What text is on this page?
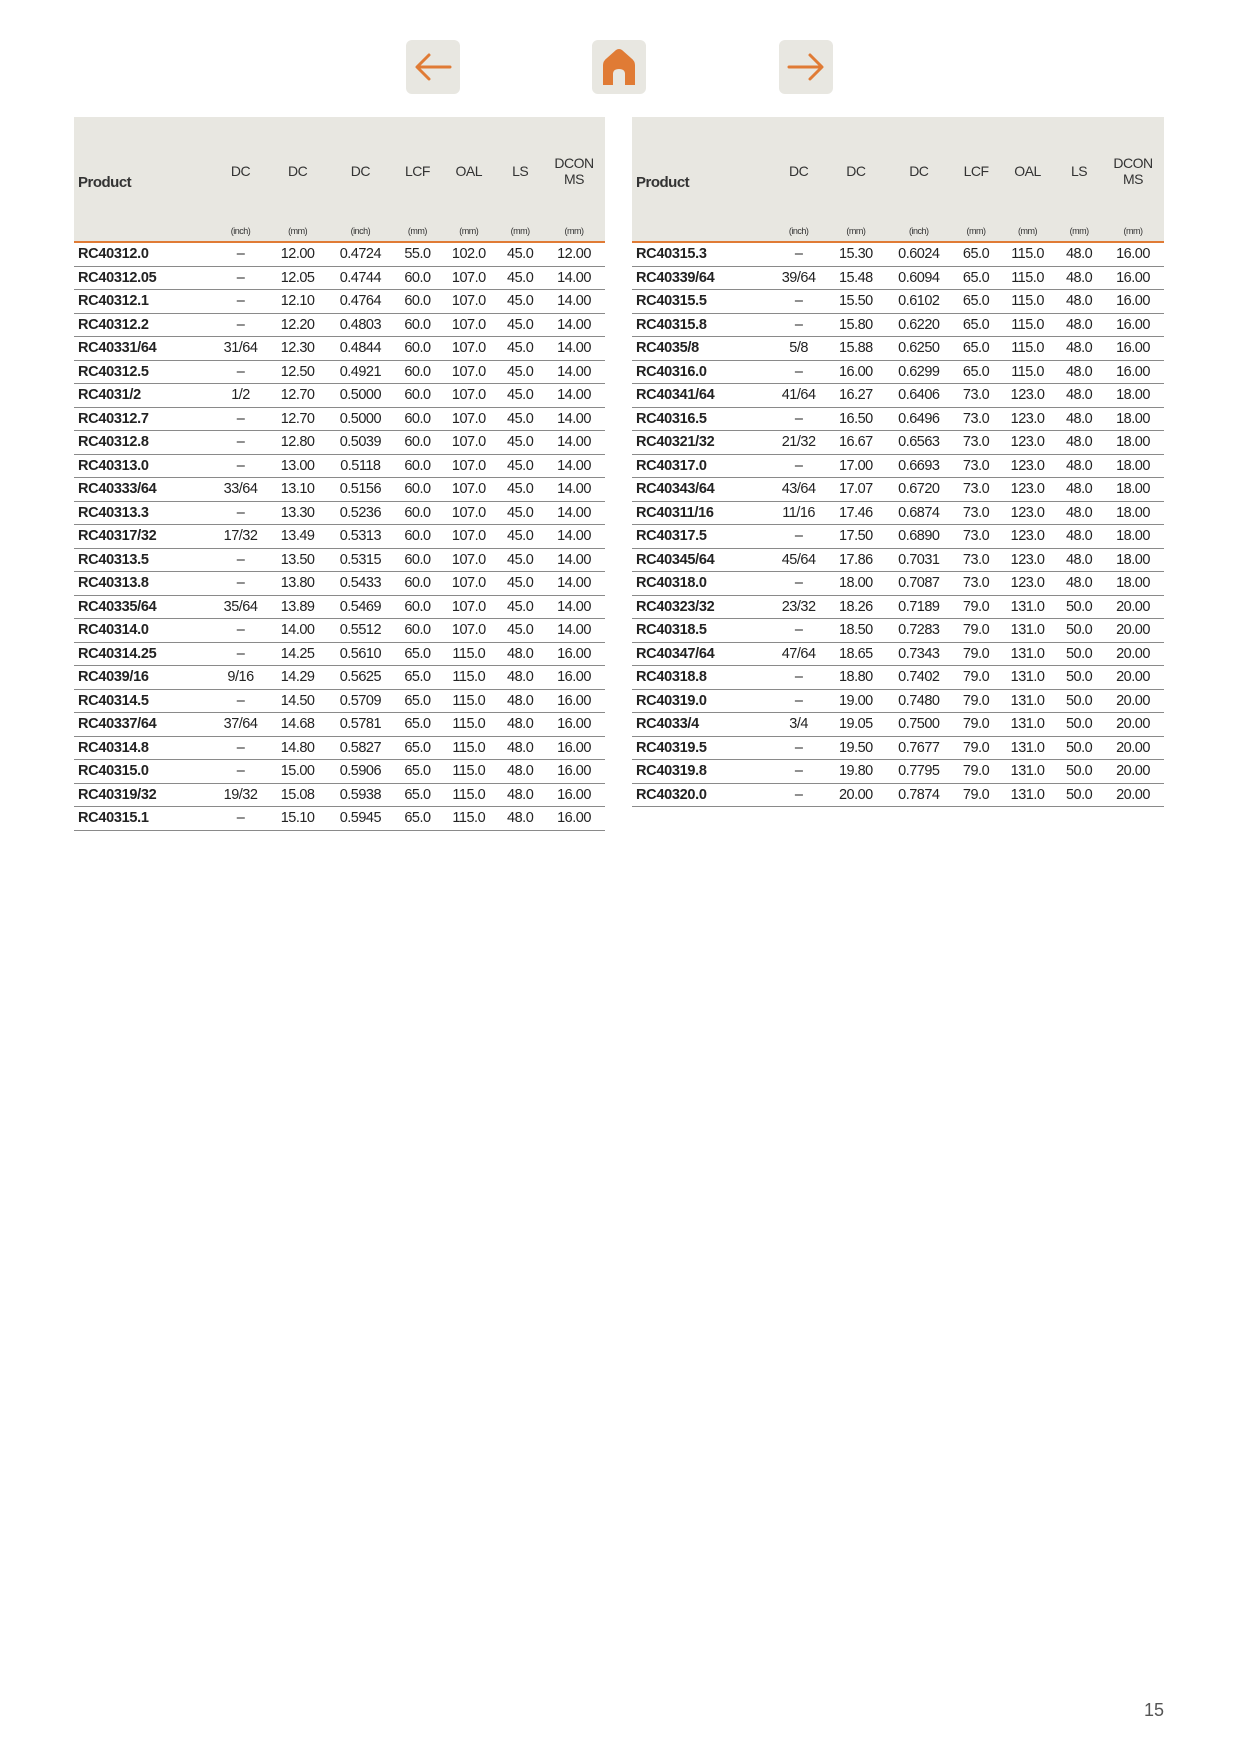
Product	DC	DC	DC	LCF	OAL	LS	DCON
MS
	(inch)	(mm)	(inch)	(mm)	(mm)	(mm)	(mm)
RC40312.0	–	12.00	0.4724	55.0	102.0	45.0	12.00
RC40312.05	–	12.05	0.4744	60.0	107.0	45.0	14.00
RC40312.1	–	12.10	0.4764	60.0	107.0	45.0	14.00
RC40312.2	–	12.20	0.4803	60.0	107.0	45.0	14.00
RC40331/64	31/64	12.30	0.4844	60.0	107.0	45.0	14.00
RC40312.5	–	12.50	0.4921	60.0	107.0	45.0	14.00
RC4031/2	1/2	12.70	0.5000	60.0	107.0	45.0	14.00
RC40312.7	–	12.70	0.5000	60.0	107.0	45.0	14.00
RC40312.8	–	12.80	0.5039	60.0	107.0	45.0	14.00
RC40313.0	–	13.00	0.5118	60.0	107.0	45.0	14.00
RC40333/64	33/64	13.10	0.5156	60.0	107.0	45.0	14.00
RC40313.3	–	13.30	0.5236	60.0	107.0	45.0	14.00
RC40317/32	17/32	13.49	0.5313	60.0	107.0	45.0	14.00
RC40313.5	–	13.50	0.5315	60.0	107.0	45.0	14.00
RC40313.8	–	13.80	0.5433	60.0	107.0	45.0	14.00
RC40335/64	35/64	13.89	0.5469	60.0	107.0	45.0	14.00
RC40314.0	–	14.00	0.5512	60.0	107.0	45.0	14.00
RC40314.25	–	14.25	0.5610	65.0	115.0	48.0	16.00
RC4039/16	9/16	14.29	0.5625	65.0	115.0	48.0	16.00
RC40314.5	–	14.50	0.5709	65.0	115.0	48.0	16.00
RC40337/64	37/64	14.68	0.5781	65.0	115.0	48.0	16.00
RC40314.8	–	14.80	0.5827	65.0	115.0	48.0	16.00
RC40315.0	–	15.00	0.5906	65.0	115.0	48.0	16.00
RC40319/32	19/32	15.08	0.5938	65.0	115.0	48.0	16.00
RC40315.1	–	15.10	0.5945	65.0	115.0	48.0	16.00
Product	DC	DC	DC	LCF	OAL	LS	DCON
MS
	(inch)	(mm)	(inch)	(mm)	(mm)	(mm)	(mm)
RC40315.3	–	15.30	0.6024	65.0	115.0	48.0	16.00
RC40339/64	39/64	15.48	0.6094	65.0	115.0	48.0	16.00
RC40315.5	–	15.50	0.6102	65.0	115.0	48.0	16.00
RC40315.8	–	15.80	0.6220	65.0	115.0	48.0	16.00
RC4035/8	5/8	15.88	0.6250	65.0	115.0	48.0	16.00
RC40316.0	–	16.00	0.6299	65.0	115.0	48.0	16.00
RC40341/64	41/64	16.27	0.6406	73.0	123.0	48.0	18.00
RC40316.5	–	16.50	0.6496	73.0	123.0	48.0	18.00
RC40321/32	21/32	16.67	0.6563	73.0	123.0	48.0	18.00
RC40317.0	–	17.00	0.6693	73.0	123.0	48.0	18.00
RC40343/64	43/64	17.07	0.6720	73.0	123.0	48.0	18.00
RC40311/16	11/16	17.46	0.6874	73.0	123.0	48.0	18.00
RC40317.5	–	17.50	0.6890	73.0	123.0	48.0	18.00
RC40345/64	45/64	17.86	0.7031	73.0	123.0	48.0	18.00
RC40318.0	–	18.00	0.7087	73.0	123.0	48.0	18.00
RC40323/32	23/32	18.26	0.7189	79.0	131.0	50.0	20.00
RC40318.5	–	18.50	0.7283	79.0	131.0	50.0	20.00
RC40347/64	47/64	18.65	0.7343	79.0	131.0	50.0	20.00
RC40318.8	–	18.80	0.7402	79.0	131.0	50.0	20.00
RC40319.0	–	19.00	0.7480	79.0	131.0	50.0	20.00
RC4033/4	3/4	19.05	0.7500	79.0	131.0	50.0	20.00
RC40319.5	–	19.50	0.7677	79.0	131.0	50.0	20.00
RC40319.8	–	19.80	0.7795	79.0	131.0	50.0	20.00
RC40320.0	–	20.00	0.7874	79.0	131.0	50.0	20.00
15
